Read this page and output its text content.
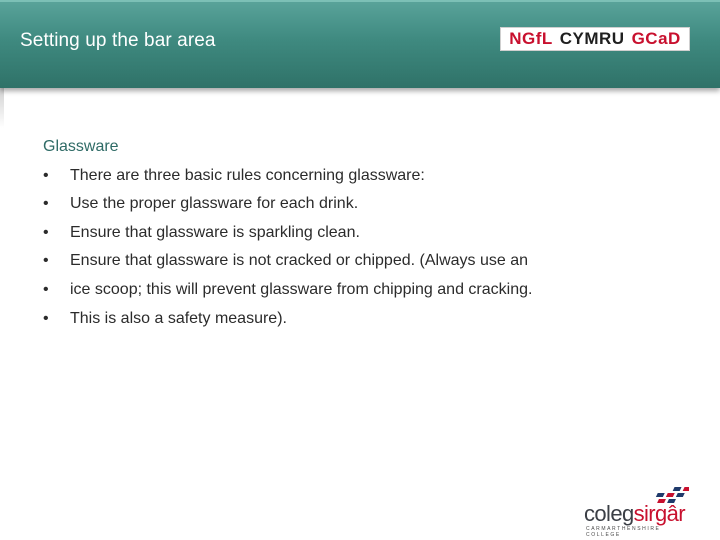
Setting up the bar area	NGfL CYMRU GCaD
Glassware
• There are three basic rules concerning glassware:
• Use the proper glassware for each drink.
• Ensure that glassware is sparkling clean.
• Ensure that glassware is not cracked or chipped. (Always use an
• ice scoop; this will prevent glassware from chipping and cracking.
• This is also a safety measure).
colegsirgâr
CARMARTHENSHIRE COLLEGE
